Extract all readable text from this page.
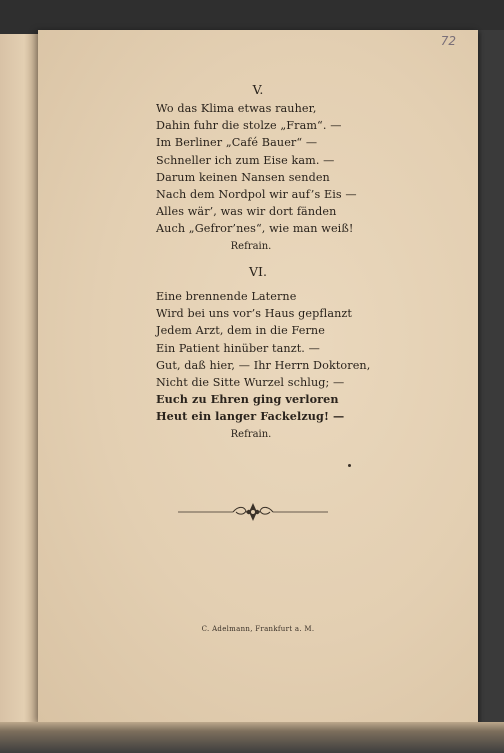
72
V.
Wo das Klima etwas rauher,
Dahin fuhr die stolze „Fram“. —
Im Berliner „Café Bauer“ —
Schneller ich zum Eise kam. —
Darum keinen Nansen senden
Nach dem Nordpol wir auf’s Eis —
Alles wär’, was wir dort fänden
Auch „Gefror’nes“, wie man weiß!
Refrain.
VI.
Eine brennende Laterne
Wird bei uns vor’s Haus gepflanzt
Jedem Arzt, dem in die Ferne
Ein Patient hinüber tanzt. —
Gut, daß hier, — Ihr Herrn Doktoren,
Nicht die Sitte Wurzel schlug; —
Euch zu Ehren ging verloren
Heut ein langer Fackelzug! —
Refrain.
C. Adelmann, Frankfurt a. M.
